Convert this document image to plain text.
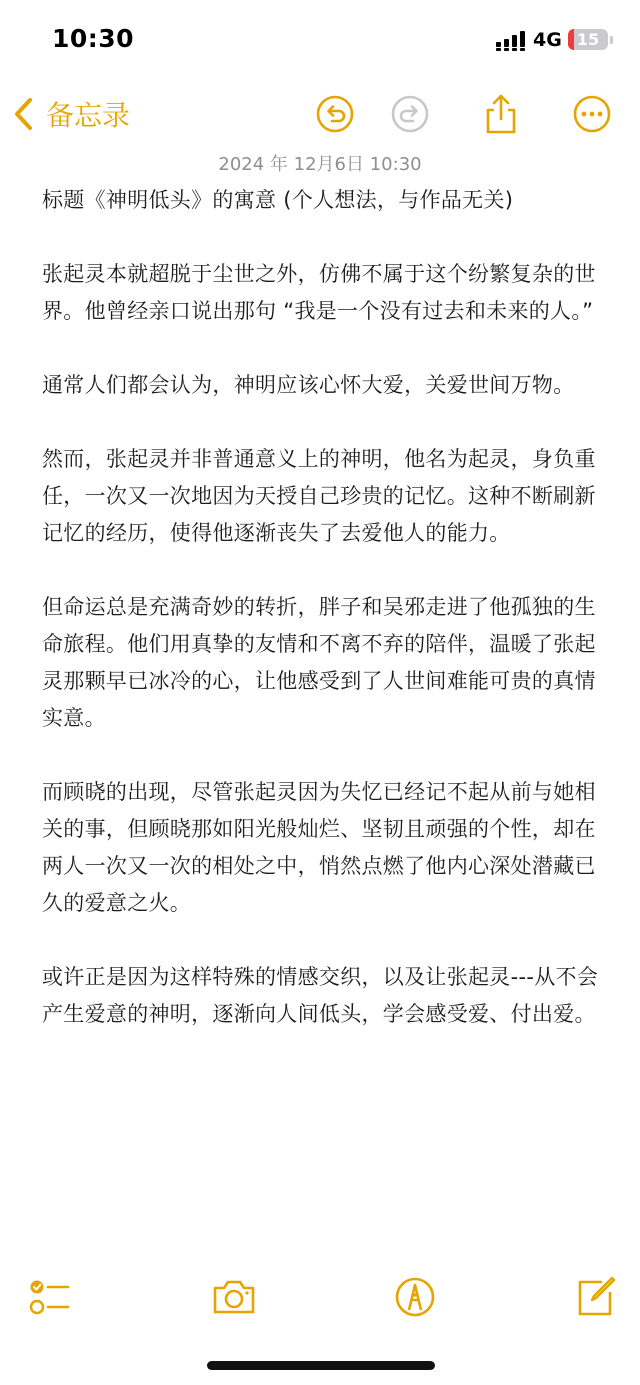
10:30	4G 15
备忘录
2024 年 12月6日 10:30

标题《神明低头》的寓意 (个人想法，与作品无关)

张起灵本就超脱于尘世之外，仿佛不属于这个纷繁复杂的世界。他曾经亲口说出那句 “我是一个没有过去和未来的人。”

通常人们都会认为，神明应该心怀大爱，关爱世间万物。

然而，张起灵并非普通意义上的神明，他名为起灵，身负重任，一次又一次地因为天授自己珍贵的记忆。这种不断刷新记忆的经历，使得他逐渐丧失了去爱他人的能力。

但命运总是充满奇妙的转折，胖子和吴邪走进了他孤独的生命旅程。他们用真挚的友情和不离不弃的陪伴，温暖了张起灵那颗早已冰冷的心，让他感受到了人世间难能可贵的真情实意。

而顾晓的出现，尽管张起灵因为失忆已经记不起从前与她相关的事，但顾晓那如阳光般灿烂、坚韧且顽强的个性，却在两人一次又一次的相处之中，悄然点燃了他内心深处潜藏已久的爱意之火。

或许正是因为这样特殊的情感交织，以及让张起灵---从不会产生爱意的神明，逐渐向人间低头，学会感受爱、付出爱。
